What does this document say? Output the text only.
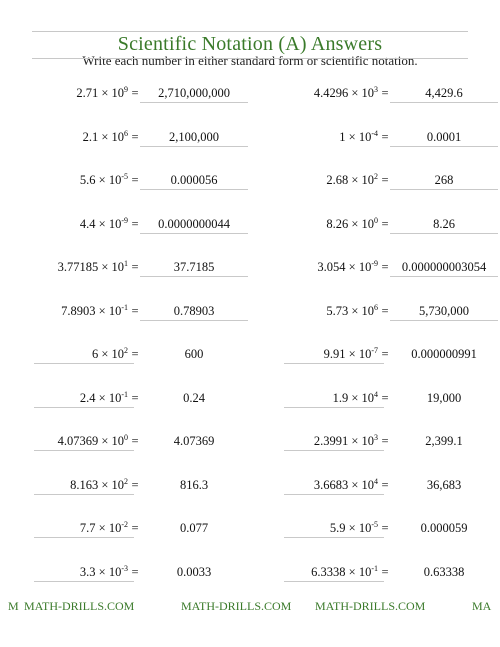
Scientific Notation (A) Answers
Write each number in either standard form or scientific notation.
$2.71 \times 10^9$ =	2,710,000,000
$2.1 \times 10^6$ =	2,100,000
$5.6 \times 10^{-5}$ =	0.000056
$4.4 \times 10^{-9}$ =	0.0000000044
$3.77185 \times 10^1$ =	37.7185
$7.8903 \times 10^{-1}$ =	0.78903
$6 \times 10^2$ =	600
$2.4 \times 10^{-1}$ =	0.24
$4.07369 \times 10^0$ =	4.07369
$8.163 \times 10^2$ =	816.3
$7.7 \times 10^{-2}$ =	0.077
$3.3 \times 10^{-3}$ =	0.0033
$4.4296 \times 10^3$ =	4,429.6
$1 \times 10^{-4}$ =	0.0001
$2.68 \times 10^2$ =	268
$8.26 \times 10^0$ =	8.26
$3.054 \times 10^{-9}$ =	0.000000003054
$5.73 \times 10^6$ =	5,730,000
$9.91 \times 10^{-7}$ =	0.000000991
$1.9 \times 10^4$ =	19,000
$2.3991 \times 10^3$ =	2,399.1
$3.6683 \times 10^4$ =	36,683
$5.9 \times 10^{-5}$ =	0.000059
$6.3338 \times 10^{-1}$ =	0.63338
M MATH-DRILLS.COM	MATH-DRILLS.COM MATH-DRILLS.COM	MA
